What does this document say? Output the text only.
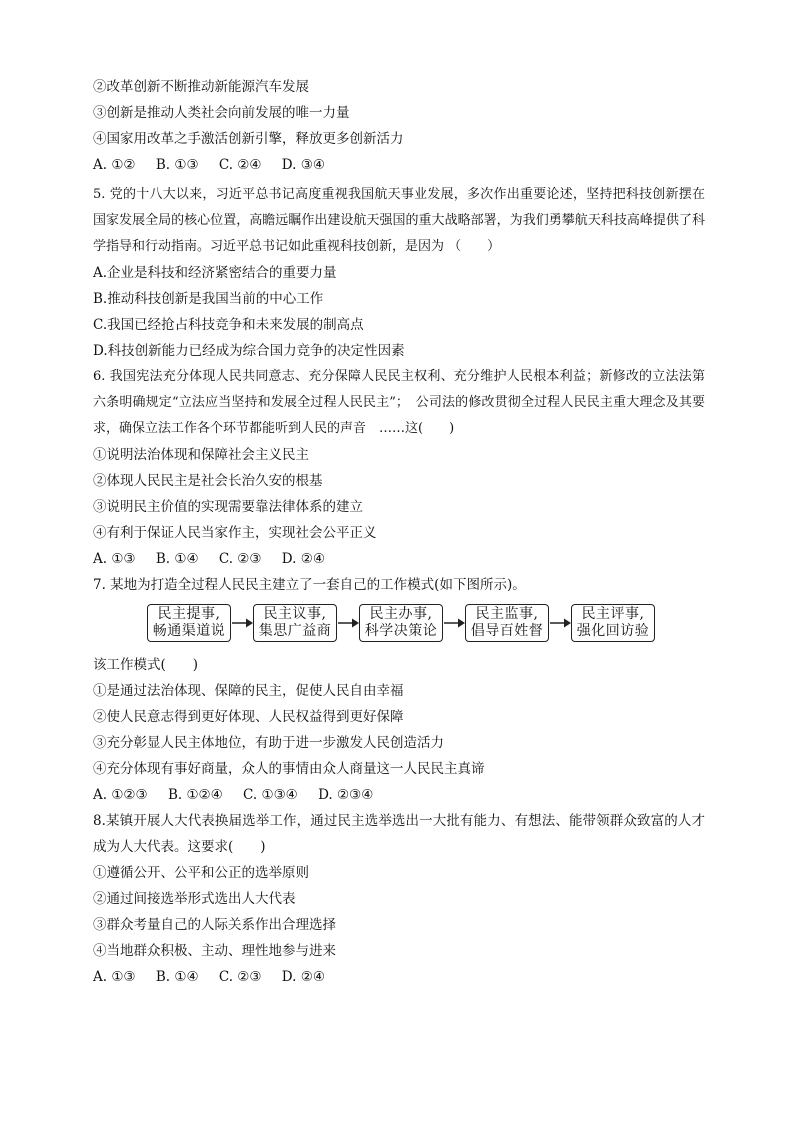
②改革创新不断推动新能源汽车发展
③创新是推动人类社会向前发展的唯一力量
④国家用改革之手激活创新引擎，释放更多创新活力
A. ①② B. ①③ C. ②④ D. ③④
5. 党的十八大以来，习近平总书记高度重视我国航天事业发展，多次作出重要论述，坚持把科技创新摆在国家发展全局的核心位置，高瞻远瞩作出建设航天强国的重大战略部署，为我们勇攀航天科技高峰提供了科学指导和行动指南。习近平总书记如此重视科技创新，是因为 （　　）
A.企业是科技和经济紧密结合的重要力量
B.推动科技创新是我国当前的中心工作
C.我国已经抢占科技竞争和未来发展的制高点
D.科技创新能力已经成为综合国力竞争的决定性因素
6. 我国宪法充分体现人民共同意志、充分保障人民民主权利、充分维护人民根本利益；新修改的立法法第六条明确规定“立法应当坚持和发展全过程人民民主”；　公司法的修改贯彻全过程人民民主重大理念及其要求，确保立法工作各个环节都能听到人民的声音　……这(　　)
①说明法治体现和保障社会主义民主
②体现人民民主是社会长治久安的根基
③说明民主价值的实现需要靠法律体系的建立
④有利于保证人民当家作主，实现社会公平正义
A. ①③ B. ①④ C. ②③ D. ②④
7. 某地为打造全过程人民民主建立了一套自己的工作模式(如下图所示)。
民主提事,
畅通渠道说
民主议事,
集思广益商
民主办事,
科学决策论
民主监事,
倡导百姓督
民主评事,
强化回访验
该工作模式(　　)
①是通过法治体现、保障的民主，促使人民自由幸福
②使人民意志得到更好体现、人民权益得到更好保障
③充分彰显人民主体地位，有助于进一步激发人民创造活力
④充分体现有事好商量，众人的事情由众人商量这一人民民主真谛
A. ①②③ B. ①②④ C. ①③④ D. ②③④
8.某镇开展人大代表换届选举工作，通过民主选举选出一大批有能力、有想法、能带领群众致富的人才成为人大代表。这要求(　　)
①遵循公开、公平和公正的选举原则
②通过间接选举形式选出人大代表
③群众考量自己的人际关系作出合理选择
④当地群众积极、主动、理性地参与进来
A. ①③ B. ①④ C. ②③ D. ②④
